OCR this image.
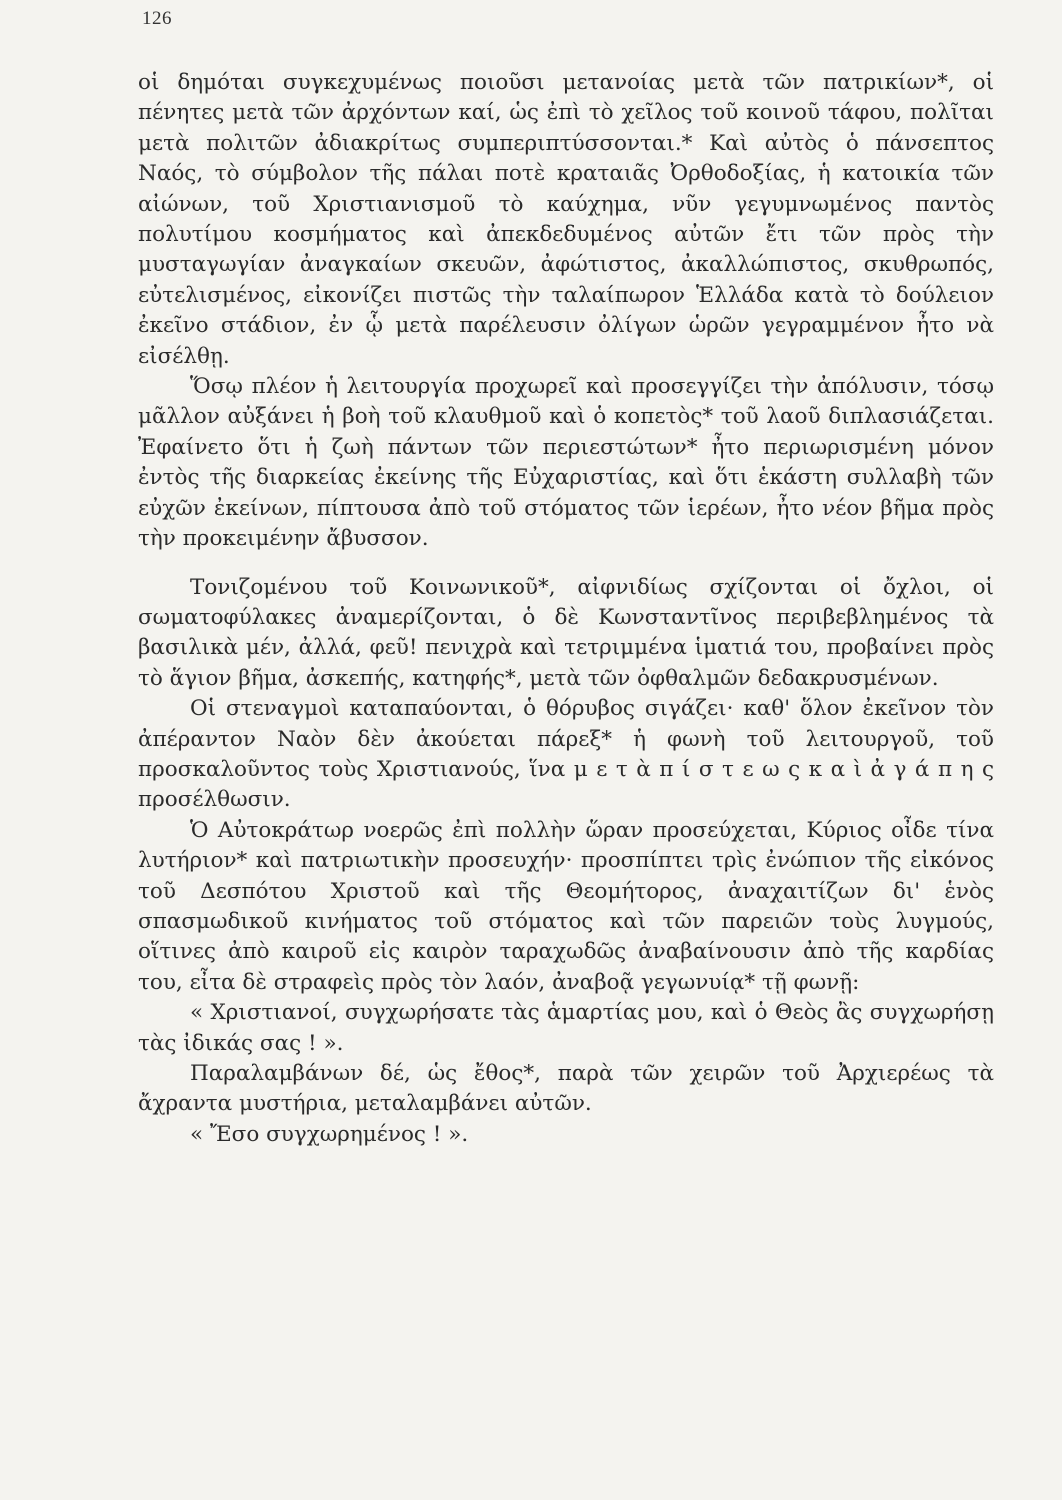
126

οἱ δημόται συγκεχυμένως ποιοῦσι μετανοίας μετὰ τῶν πατρικίων*, οἱ πένητες μετὰ τῶν ἀρχόντων καί, ὡς ἐπὶ τὸ χεῖλος τοῦ κοινοῦ τάφου, πολῖται μετὰ πολιτῶν ἀδιακρίτως συμπεριπτύσσονται.* Καὶ αὐτὸς ὁ πάνσεπτος Ναός, τὸ σύμβολον τῆς πάλαι ποτὲ κραταιᾶς Ὀρθοδοξίας, ἡ κατοικία τῶν αἰώνων, τοῦ Χριστιανισμοῦ τὸ καύχημα, νῦν γεγυμνωμένος παντὸς πολυτίμου κοσμήματος καὶ ἀπεκδεδυμένος αὐτῶν ἔτι τῶν πρὸς τὴν μυσταγωγίαν ἀναγκαίων σκευῶν, ἀφώτιστος, ἀκαλλώπιστος, σκυθρωπός, εὐτελισμένος, εἰκονίζει πιστῶς τὴν ταλαίπωρον Ἑλλάδα κατὰ τὸ δούλειον ἐκεῖνο στάδιον, ἐν ᾧ μετὰ παρέλευσιν ὀλίγων ὡρῶν γεγραμμένον ἦτο νὰ εἰσέλθῃ.

Ὅσῳ πλέον ἡ λειτουργία προχωρεῖ καὶ προσεγγίζει τὴν ἀπόλυσιν, τόσῳ μᾶλλον αὐξάνει ἡ βοὴ τοῦ κλαυθμοῦ καὶ ὁ κοπετὸς* τοῦ λαοῦ διπλασιάζεται. Ἐφαίνετο ὅτι ἡ ζωὴ πάντων τῶν περιεστώτων* ἦτο περιωρισμένη μόνον ἐντὸς τῆς διαρκείας ἐκείνης τῆς Εὐχαριστίας, καὶ ὅτι ἑκάστη συλλαβὴ τῶν εὐχῶν ἐκείνων, πίπτουσα ἀπὸ τοῦ στόματος τῶν ἱερέων, ἦτο νέον βῆμα πρὸς τὴν προκειμένην ἄβυσσον.

Τονιζομένου τοῦ Κοινωνικοῦ*, αἰφνιδίως σχίζονται οἱ ὄχλοι, οἱ σωματοφύλακες ἀναμερίζονται, ὁ δὲ Κωνσταντῖνος περιβεβλημένος τὰ βασιλικὰ μέν, ἀλλά, φεῦ! πενιχρὰ καὶ τετριμμένα ἱματιά του, προβαίνει πρὸς τὸ ἅγιον βῆμα, ἀσκεπής, κατηφής*, μετὰ τῶν ὀφθαλμῶν δεδακρυσμένων.

Οἱ στεναγμοὶ καταπαύονται, ὁ θόρυβος σιγάζει· καθ' ὅλον ἐκεῖνον τὸν ἀπέραντον Ναὸν δὲν ἀκούεται πάρεξ* ἡ φωνὴ τοῦ λειτουργοῦ, τοῦ προσκαλοῦντος τοὺς Χριστιανούς, ἵνα μ ε τ ὰ π ί σ τ ε ω ς κ α ὶ ἀ γ ά π η ς προσέλθωσιν.

Ὁ Αὐτοκράτωρ νοερῶς ἐπὶ πολλὴν ὥραν προσεύχεται, Κύριος οἶδε τίνα λυτήριον* καὶ πατριωτικὴν προσευχήν· προσπίπτει τρὶς ἐνώπιον τῆς εἰκόνος τοῦ Δεσπότου Χριστοῦ καὶ τῆς Θεομήτορος, ἀναχαιτίζων δι' ἑνὸς σπασμωδικοῦ κινήματος τοῦ στόματος καὶ τῶν παρειῶν τοὺς λυγμούς, οἵτινες ἀπὸ καιροῦ εἰς καιρὸν ταραχωδῶς ἀναβαίνουσιν ἀπὸ τῆς καρδίας του, εἶτα δὲ στραφεὶς πρὸς τὸν λαόν, ἀναβοᾷ γεγωνυίᾳ* τῇ φωνῇ:

« Χριστιανοί, συγχωρήσατε τὰς ἁμαρτίας μου, καὶ ὁ Θεὸς ἂς συγχωρήσῃ τὰς ἰδικάς σας ! ».

Παραλαμβάνων δέ, ὡς ἔθος*, παρὰ τῶν χειρῶν τοῦ Ἀρχιερέως τὰ ἄχραντα μυστήρια, μεταλαμβάνει αὐτῶν.

« Ἔσο συγχωρημένος ! ».
